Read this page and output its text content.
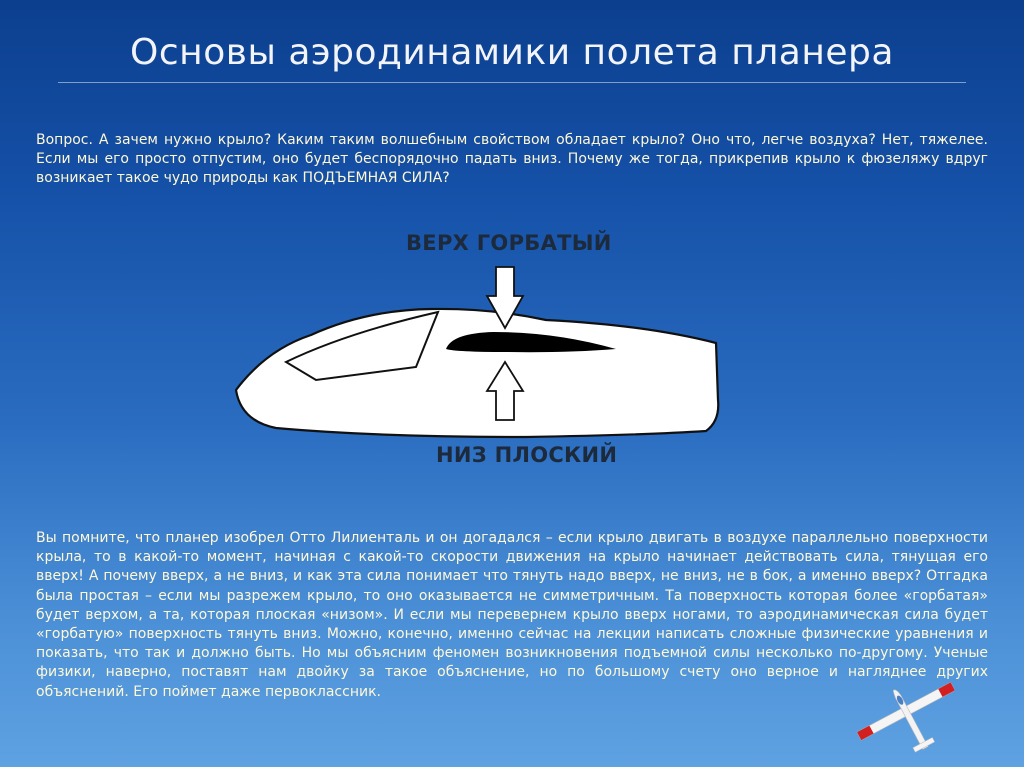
Основы аэродинамики полета планера

Вопрос. А зачем нужно крыло? Каким таким волшебным свойством обладает крыло? Оно что, легче воздуха? Нет, тяжелее. Если мы его просто отпустим, оно будет беспорядочно падать вниз. Почему же тогда, прикрепив крыло к фюзеляжу вдруг возникает такое чудо природы как ПОДЪЕМНАЯ СИЛА?

ВЕРХ ГОРБАТЫЙ
НИЗ ПЛОСКИЙ

Вы помните, что планер изобрел Отто Лилиенталь и он догадался – если крыло двигать в воздухе параллельно поверхности крыла, то в какой-то момент, начиная с какой-то скорости движения на крыло начинает действовать сила, тянущая его вверх! А почему вверх, а не вниз, и как эта сила понимает что тянуть надо вверх, не вниз, не в бок, а именно вверх? Отгадка была простая – если мы разрежем крыло, то оно оказывается не симметричным. Та поверхность которая более «горбатая» будет верхом, а та, которая плоская «низом». И если мы перевернем крыло вверх ногами, то аэродинамическая сила будет «горбатую» поверхность тянуть вниз. Можно, конечно, именно сейчас на лекции написать сложные физические уравнения и показать, что так и должно быть. Но мы объясним феномен возникновения подъемной силы несколько по-другому. Ученые физики, наверно, поставят нам двойку за такое объяснение, но по большому счету оно верное и нагляднее других объяснений. Его поймет даже первоклассник.
